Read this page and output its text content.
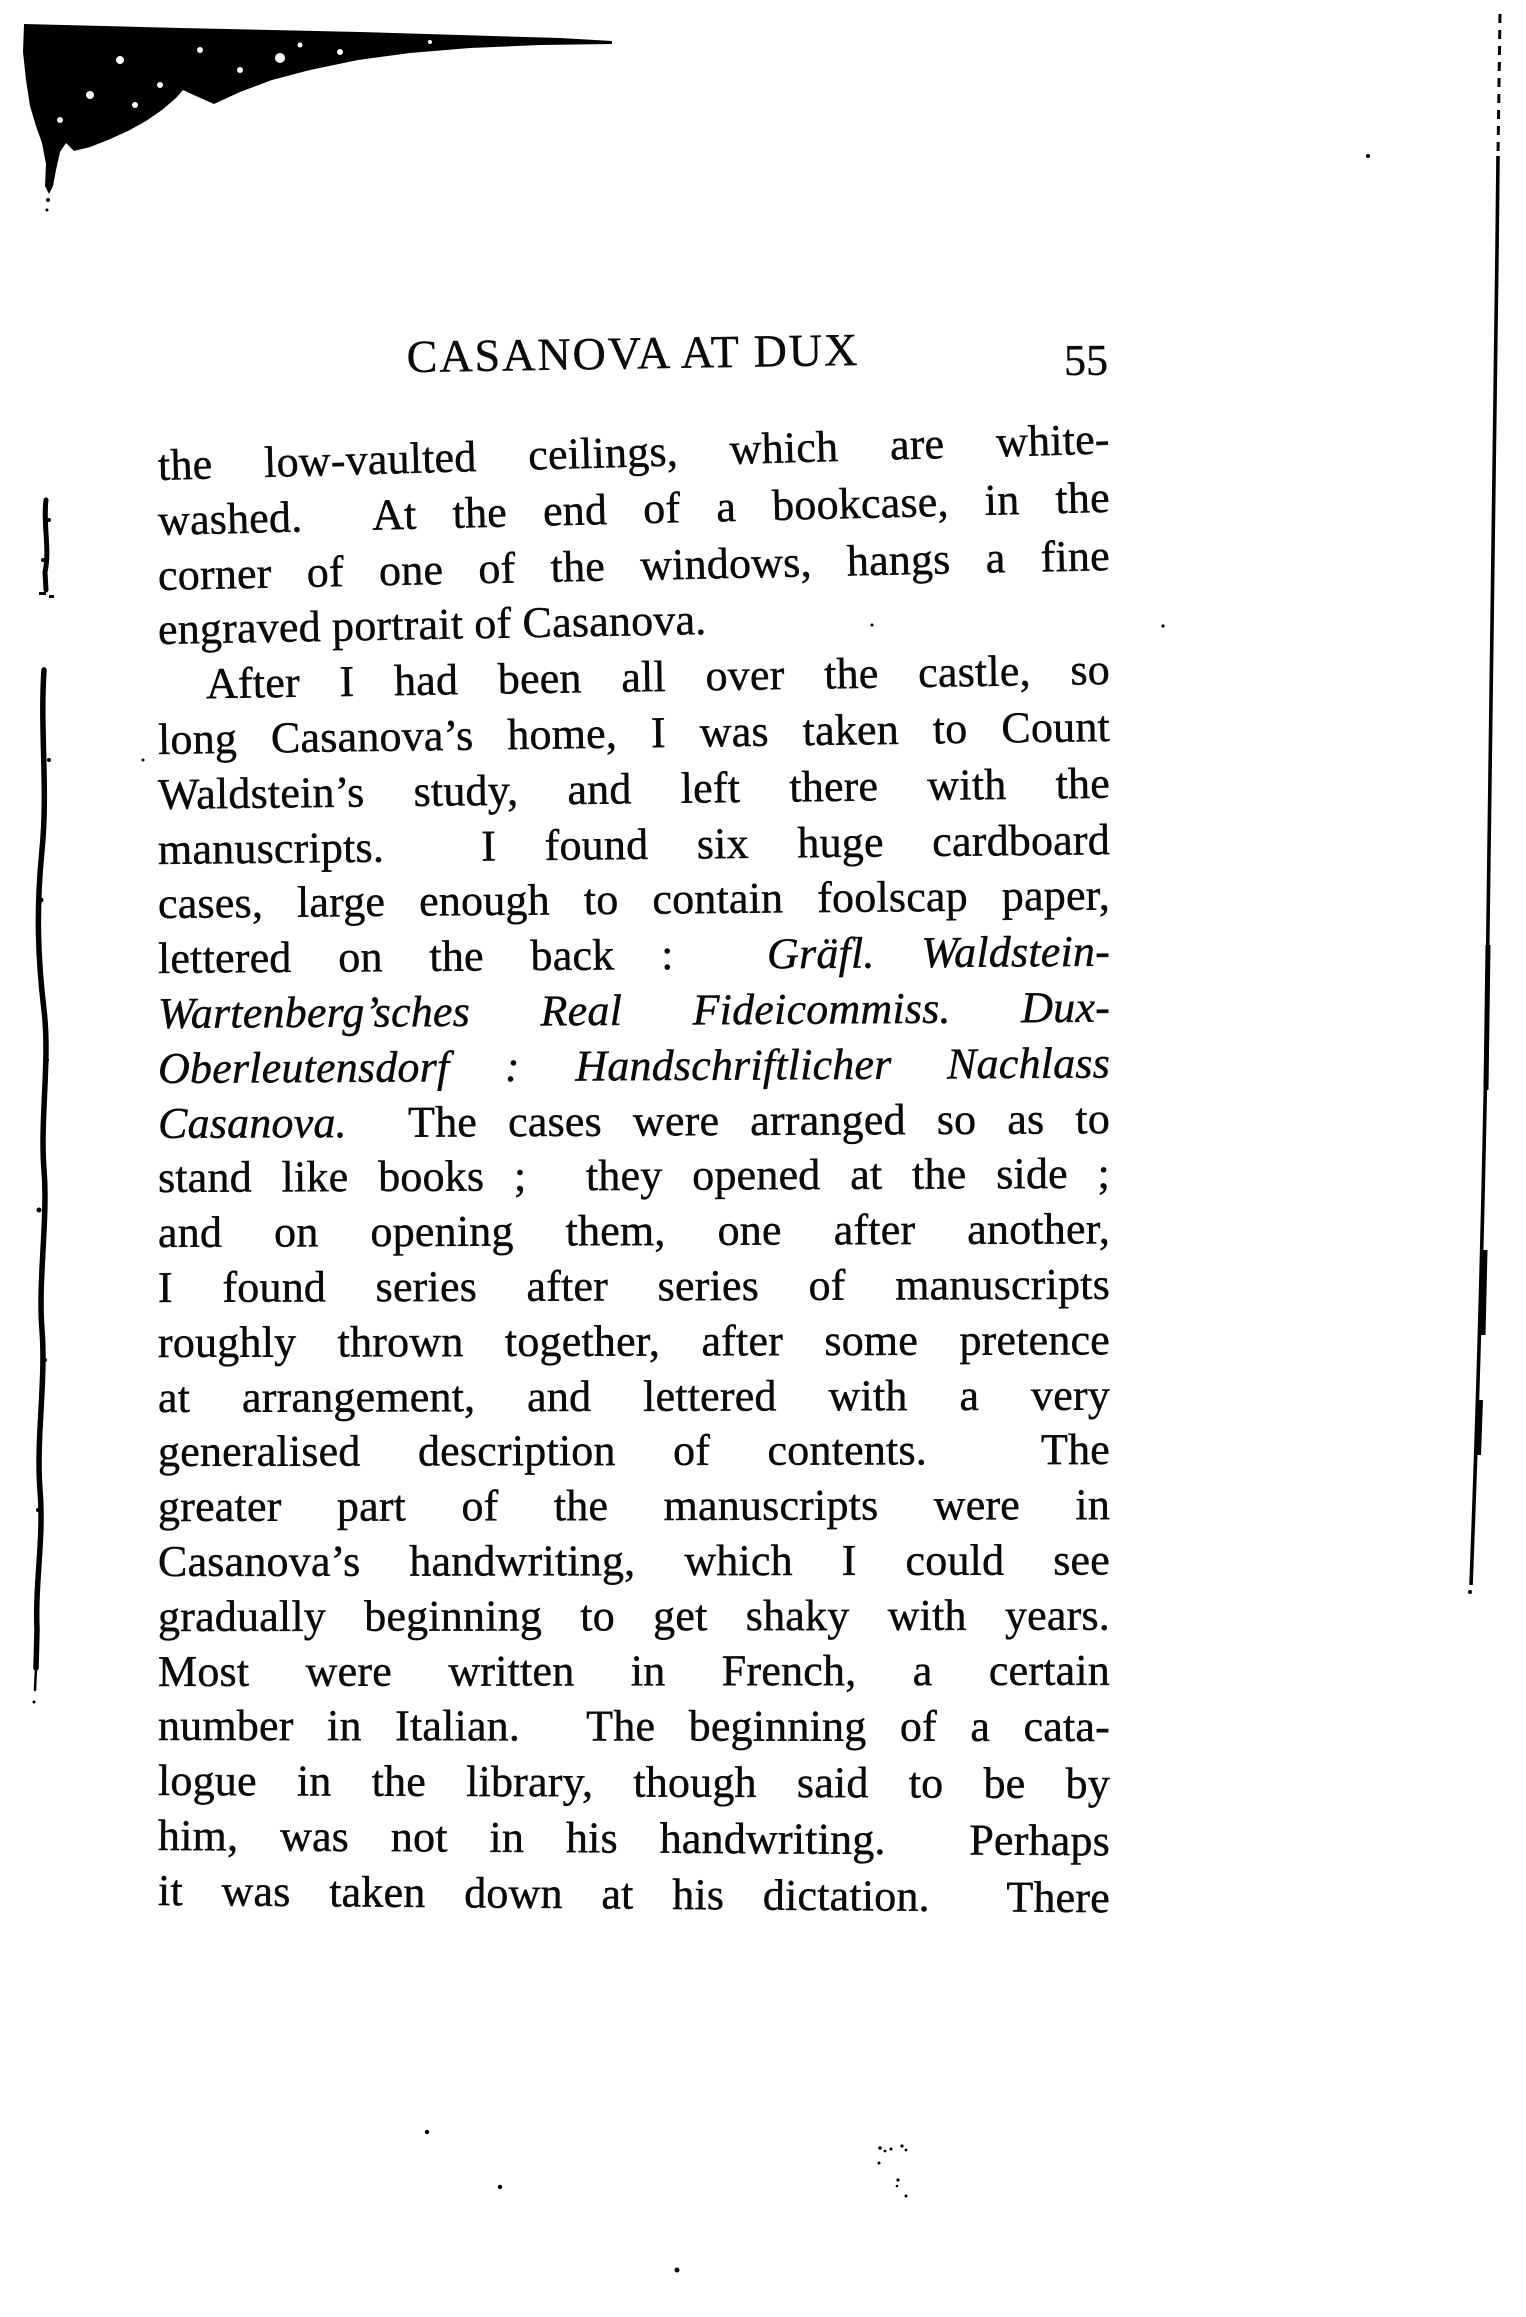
CASANOVA AT DUX	55
the low-vaulted ceilings, which are white-
washed.  At the end of a bookcase, in the
corner of one of the windows, hangs a fine
engraved portrait of Casanova.
After I had been all over the castle, so
long Casanova’s home, I was taken to Count
Waldstein’s study, and left there with the
manuscripts.  I found six huge cardboard
cases, large enough to contain foolscap paper,
lettered on the back :  Gräfl. Waldstein-
Wartenberg’sches Real Fideicommiss. Dux-
Oberleutensdorf : Handschriftlicher Nachlass
Casanova.  The cases were arranged so as to
stand like books ;  they opened at the side ;
and on opening them, one after another,
I found series after series of manuscripts
roughly thrown together, after some pretence
at arrangement, and lettered with a very
generalised description of contents.  The
greater part of the manuscripts were in
Casanova’s handwriting, which I could see
gradually beginning to get shaky with years.
Most were written in French, a certain
number in Italian.  The beginning of a cata-
logue in the library, though said to be by
him, was not in his handwriting.  Perhaps
it was taken down at his dictation.  There
